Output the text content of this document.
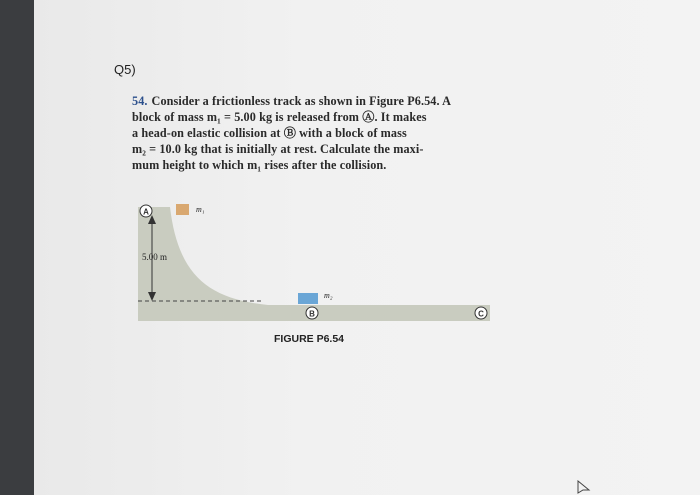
Q5)
54. Consider a frictionless track as shown in Figure P6.54. A
block of mass m₁ = 5.00 kg is released from Ⓐ. It makes
a head-on elastic collision at Ⓑ with a block of mass
m₂ = 10.0 kg that is initially at rest. Calculate the maxi-
mum height to which m₁ rises after the collision.
5.00 m
A	m₁
m₂
B	C
FIGURE P6.54
